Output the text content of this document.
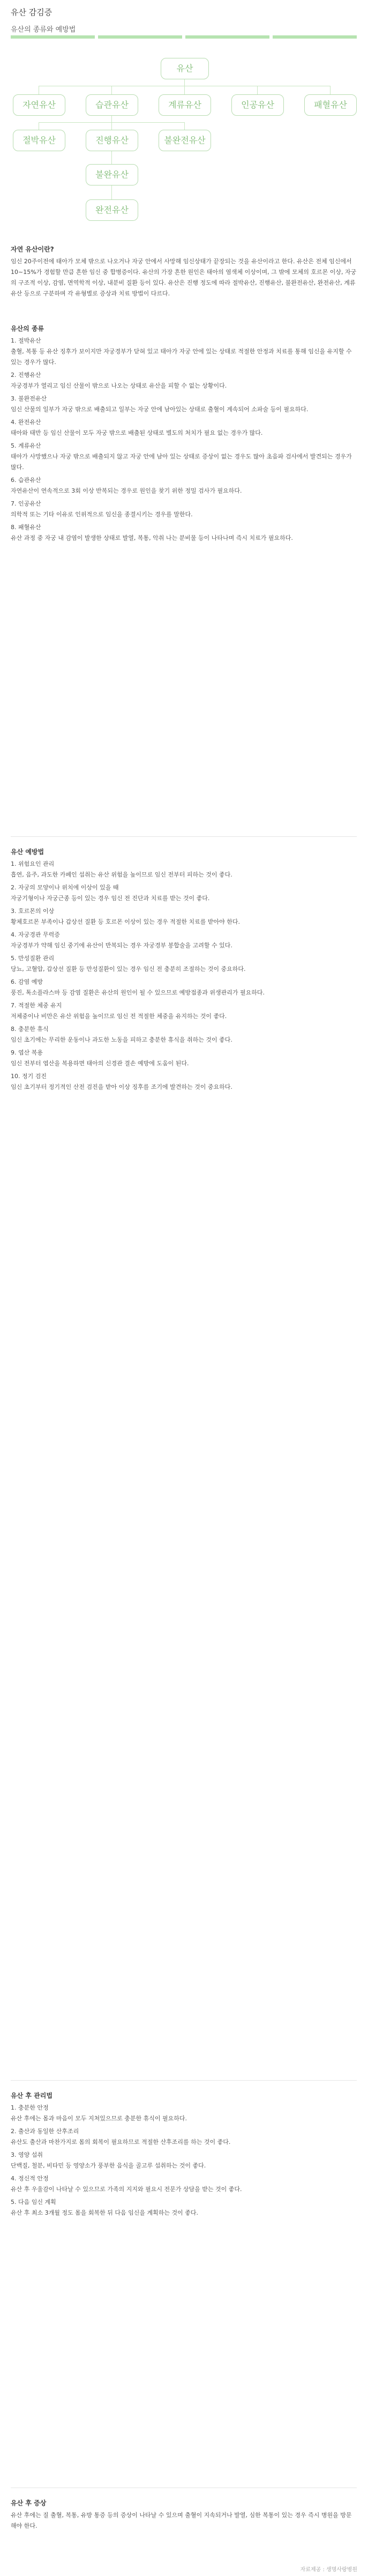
유산 감김증
유산의 종류와 예방법
유산
자연유산	습관유산	계류유산	인공유산	패혈유산
절박유산	진행유산	불완전유산
불완유산
완전유산
자연 유산이란?
임신 20주이전에 태아가 모체 밖으로 나오거나 자궁 안에서 사망해 임신상태가 끝장되는 것을 유산이라고 한다. 유산은 전체 임신에서 10~15%가 경험할 만큼 흔한 임신 중 합병증이다. 유산의 가장 흔한 원인은 태아의 염색체 이상이며, 그 밖에 모체의 호르몬 이상, 자궁의 구조적 이상, 감염, 면역학적 이상, 내분비 질환 등이 있다. 유산은 진행 정도에 따라 절박유산, 진행유산, 불완전유산, 완전유산, 계류유산 등으로 구분하며 각 유형별로 증상과 치료 방법이 다르다.
유산의 종류
1. 절박유산
출혈, 복통 등 유산 징후가 보이지만 자궁경부가 닫혀 있고 태아가 자궁 안에 있는 상태로 적절한 안정과 치료를 통해 임신을 유지할 수 있는 경우가 많다.
2. 진행유산
자궁경부가 열리고 임신 산물이 밖으로 나오는 상태로 유산을 피할 수 없는 상황이다.
3. 불완전유산
임신 산물의 일부가 자궁 밖으로 배출되고 일부는 자궁 안에 남아있는 상태로 출혈이 계속되어 소파술 등이 필요하다.
4. 완전유산
태아와 태반 등 임신 산물이 모두 자궁 밖으로 배출된 상태로 별도의 처치가 필요 없는 경우가 많다.
5. 계류유산
태아가 사망했으나 자궁 밖으로 배출되지 않고 자궁 안에 남아 있는 상태로 증상이 없는 경우도 많아 초음파 검사에서 발견되는 경우가 많다.
6. 습관유산
자연유산이 연속적으로 3회 이상 반복되는 경우로 원인을 찾기 위한 정밀 검사가 필요하다.
7. 인공유산
의학적 또는 기타 이유로 인위적으로 임신을 종결시키는 경우를 말한다.
8. 패혈유산
유산 과정 중 자궁 내 감염이 발생한 상태로 발열, 복통, 악취 나는 분비물 등이 나타나며 즉시 치료가 필요하다.
유산 예방법
1. 위험요인 관리
흡연, 음주, 과도한 카페인 섭취는 유산 위험을 높이므로 임신 전부터 피하는 것이 좋다.
2. 자궁의 모양이나 위치에 이상이 있을 때
자궁기형이나 자궁근종 등이 있는 경우 임신 전 진단과 치료를 받는 것이 좋다.
3. 호르몬의 이상
황체호르몬 부족이나 갑상선 질환 등 호르몬 이상이 있는 경우 적절한 치료를 받아야 한다.
4. 자궁경관 무력증
자궁경부가 약해 임신 중기에 유산이 반복되는 경우 자궁경부 봉합술을 고려할 수 있다.
5. 만성질환 관리
당뇨, 고혈압, 갑상선 질환 등 만성질환이 있는 경우 임신 전 충분히 조절하는 것이 중요하다.
6. 감염 예방
풍진, 톡소플라스마 등 감염 질환은 유산의 원인이 될 수 있으므로 예방접종과 위생관리가 필요하다.
7. 적절한 체중 유지
저체중이나 비만은 유산 위험을 높이므로 임신 전 적절한 체중을 유지하는 것이 좋다.
8. 충분한 휴식
임신 초기에는 무리한 운동이나 과도한 노동을 피하고 충분한 휴식을 취하는 것이 좋다.
9. 엽산 복용
임신 전부터 엽산을 복용하면 태아의 신경관 결손 예방에 도움이 된다.
10. 정기 검진
임신 초기부터 정기적인 산전 검진을 받아 이상 징후를 조기에 발견하는 것이 중요하다.
유산 후 관리법
1. 충분한 안정
유산 후에는 몸과 마음이 모두 지쳐있으므로 충분한 휴식이 필요하다.
2. 출산과 동일한 산후조리
유산도 출산과 마찬가지로 몸의 회복이 필요하므로 적절한 산후조리를 하는 것이 좋다.
3. 영양 섭취
단백질, 철분, 비타민 등 영양소가 풍부한 음식을 골고루 섭취하는 것이 좋다.
4. 정신적 안정
유산 후 우울감이 나타날 수 있으므로 가족의 지지와 필요시 전문가 상담을 받는 것이 좋다.
5. 다음 임신 계획
유산 후 최소 3개월 정도 몸을 회복한 뒤 다음 임신을 계획하는 것이 좋다.
유산 후 증상
유산 후에는 질 출혈, 복통, 유방 통증 등의 증상이 나타날 수 있으며 출혈이 지속되거나 발열, 심한 복통이 있는 경우 즉시 병원을 방문해야 한다.
자료제공 : 생명사랑병원
